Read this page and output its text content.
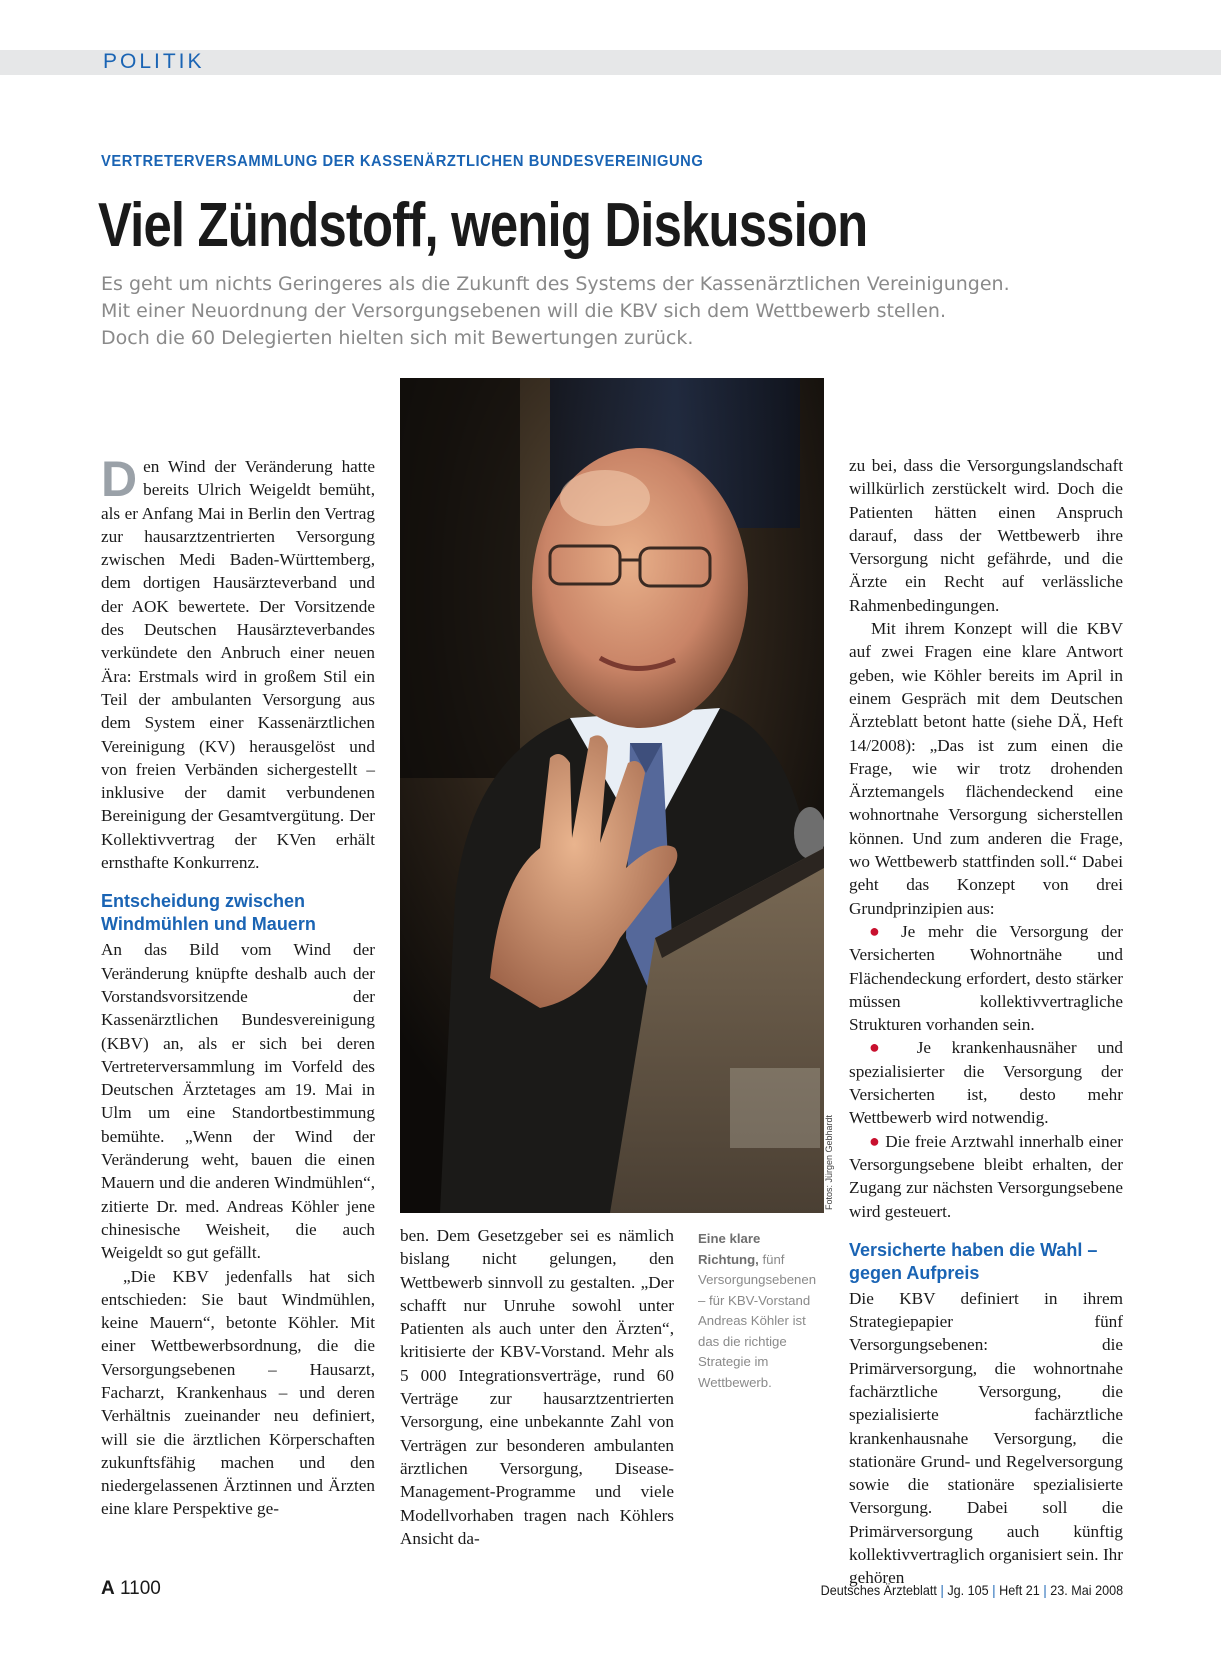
POLITIK
VERTRETERVERSAMMLUNG DER KASSENÄRZTLICHEN BUNDESVEREINIGUNG
Viel Zündstoff, wenig Diskussion
Es geht um nichts Geringeres als die Zukunft des Systems der Kassenärztlichen Vereinigungen.
Mit einer Neuordnung der Versorgungsebenen will die KBV sich dem Wettbewerb stellen.
Doch die 60 Delegierten hielten sich mit Bewertungen zurück.

Den Wind der Veränderung hatte bereits Ulrich Weigeldt bemüht, als er Anfang Mai in Berlin den Vertrag zur hausarztzentrierten Versorgung zwischen Medi Baden-Württemberg, dem dortigen Hausärzteverband und der AOK bewertete. Der Vorsitzende des Deutschen Hausärzteverbandes verkündete den Anbruch einer neuen Ära: Erstmals wird in großem Stil ein Teil der ambulanten Versorgung aus dem System einer Kassenärztlichen Vereinigung (KV) herausgelöst und von freien Verbänden sichergestellt – inklusive der damit verbundenen Bereinigung der Gesamtvergütung. Der Kollektivvertrag der KVen erhält ernsthafte Konkurrenz.

Entscheidung zwischen Windmühlen und Mauern

An das Bild vom Wind der Veränderung knüpfte deshalb auch der Vorstandsvorsitzende der Kassenärztlichen Bundesvereinigung (KBV) an, als er sich bei deren Vertreterversammlung im Vorfeld des Deutschen Ärztetages am 19. Mai in Ulm um eine Standortbestimmung bemühte. „Wenn der Wind der Veränderung weht, bauen die einen Mauern und die anderen Windmühlen“, zitierte Dr. med. Andreas Köhler jene chinesische Weisheit, die auch Weigeldt so gut gefällt.

„Die KBV jedenfalls hat sich entschieden: Sie baut Windmühlen, keine Mauern“, betonte Köhler. Mit einer Wettbewerbsordnung, die die Versorgungsebenen – Hausarzt, Facharzt, Krankenhaus – und deren Verhältnis zueinander neu definiert, will sie die ärztlichen Körperschaften zukunftsfähig machen und den niedergelassenen Ärztinnen und Ärzten eine klare Perspektive ge-

Fotos: Jürgen Gebhardt
Eine klare Richtung, fünf Versorgungsebenen – für KBV-Vorstand Andreas Köhler ist das die richtige Strategie im Wettbewerb.

ben. Dem Gesetzgeber sei es nämlich bislang nicht gelungen, den Wettbewerb sinnvoll zu gestalten. „Der schafft nur Unruhe sowohl unter Patienten als auch unter den Ärzten“, kritisierte der KBV-Vorstand. Mehr als 5 000 Integrationsverträge, rund 60 Verträge zur hausarztzentrierten Versorgung, eine unbekannte Zahl von Verträgen zur besonderen ambulanten ärztlichen Versorgung, Disease-Management-Programme und viele Modellvorhaben tragen nach Köhlers Ansicht da-

zu bei, dass die Versorgungslandschaft willkürlich zerstückelt wird. Doch die Patienten hätten einen Anspruch darauf, dass der Wettbewerb ihre Versorgung nicht gefährde, und die Ärzte ein Recht auf verlässliche Rahmenbedingungen.

Mit ihrem Konzept will die KBV auf zwei Fragen eine klare Antwort geben, wie Köhler bereits im April in einem Gespräch mit dem Deutschen Ärzteblatt betont hatte (siehe DÄ, Heft 14/2008): „Das ist zum einen die Frage, wie wir trotz drohenden Ärztemangels flächendeckend eine wohnortnahe Versorgung sicherstellen können. Und zum anderen die Frage, wo Wettbewerb stattfinden soll.“ Dabei geht das Konzept von drei Grundprinzipien aus:

● Je mehr die Versorgung der Versicherten Wohnortnähe und Flächendeckung erfordert, desto stärker müssen kollektivvertragliche Strukturen vorhanden sein.

● Je krankenhausnäher und spezialisierter die Versorgung der Versicherten ist, desto mehr Wettbewerb wird notwendig.

● Die freie Arztwahl innerhalb einer Versorgungsebene bleibt erhalten, der Zugang zur nächsten Versorgungsebene wird gesteuert.

Versicherte haben die Wahl – gegen Aufpreis

Die KBV definiert in ihrem Strategiepapier fünf Versorgungsebenen: die Primärversorgung, die wohnortnahe fachärztliche Versorgung, die spezialisierte fachärztliche krankenhausnahe Versorgung, die stationäre Grund- und Regelversorgung sowie die stationäre spezialisierte Versorgung. Dabei soll die Primärversorgung auch künftig kollektivvertraglich organisiert sein. Ihr gehören

A 1100	Deutsches Ärzteblatt | Jg. 105 | Heft 21 | 23. Mai 2008
